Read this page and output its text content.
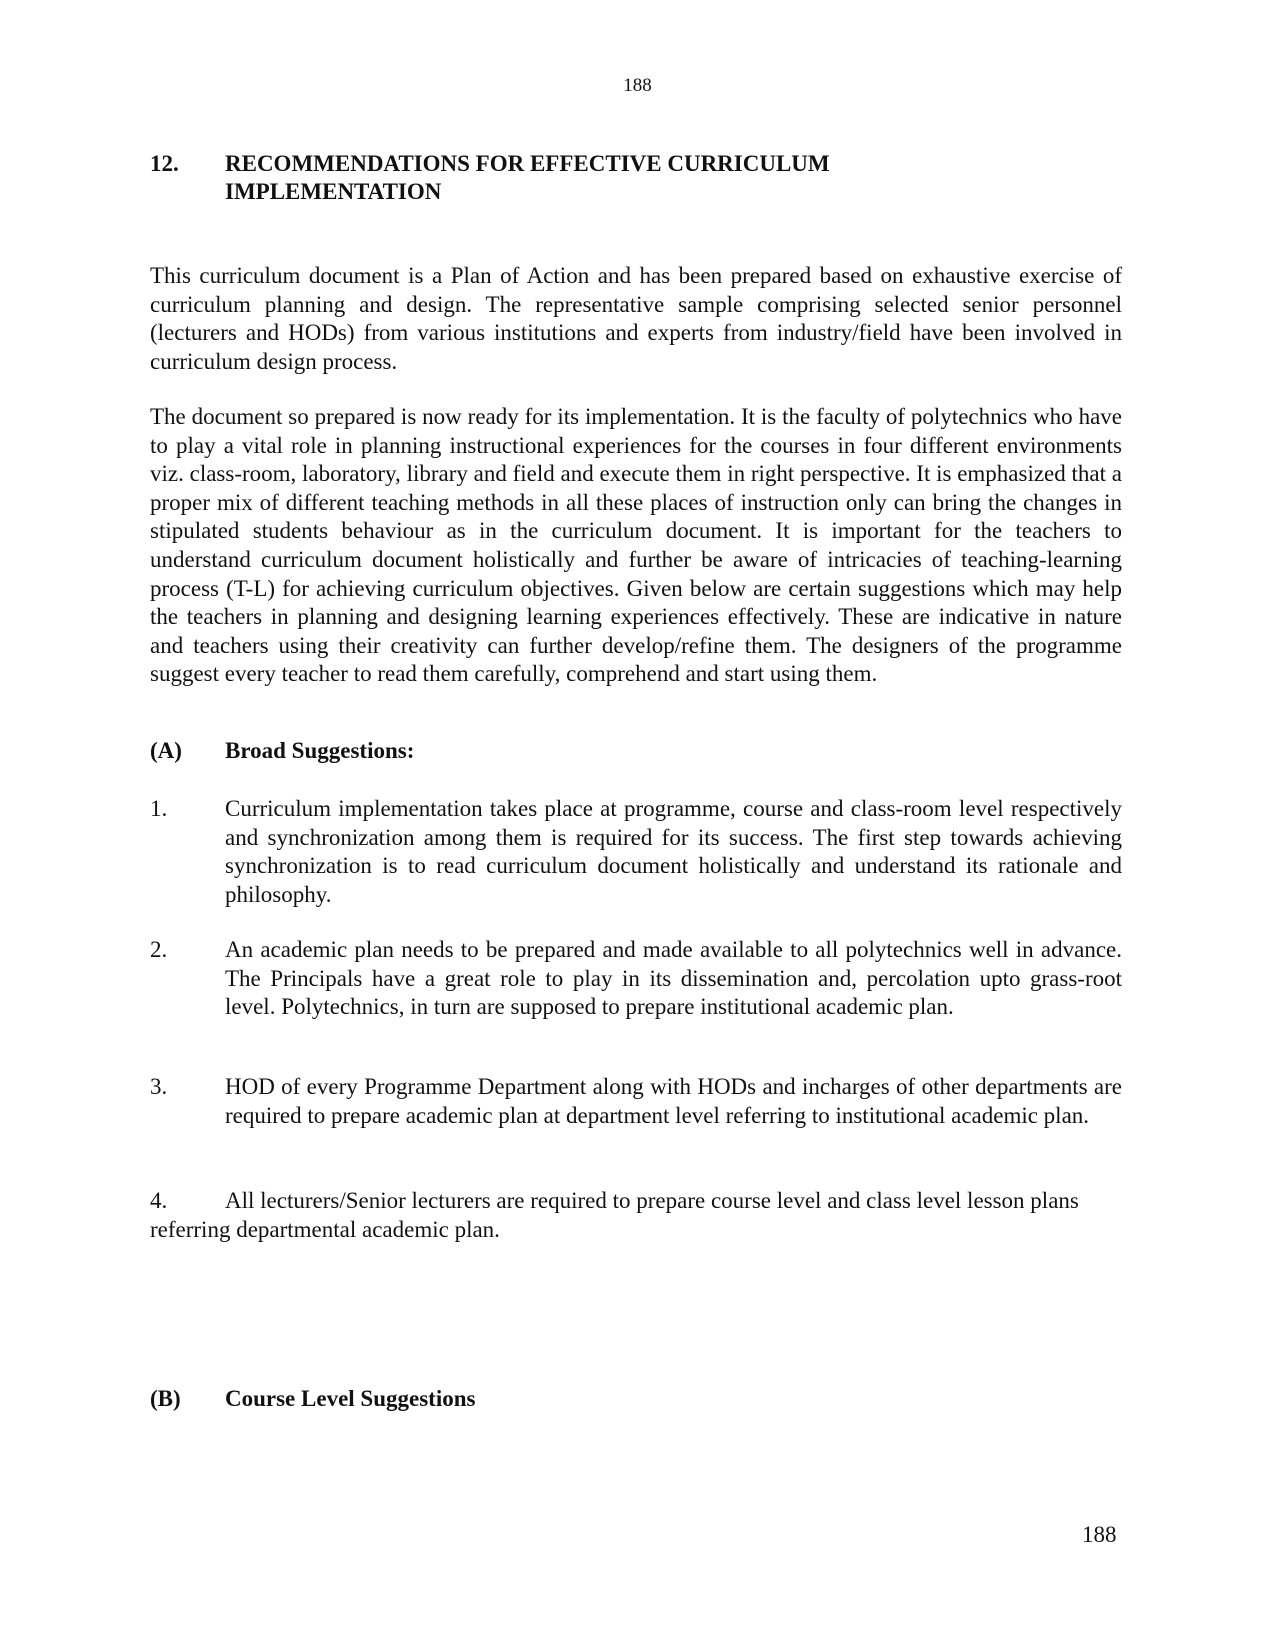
188
12.	RECOMMENDATIONS FOR EFFECTIVE CURRICULUM IMPLEMENTATION

This curriculum document is a Plan of Action and has been prepared based on exhaustive exercise of curriculum planning and design. The representative sample comprising selected senior personnel (lecturers and HODs) from various institutions and experts from industry/field have been involved in curriculum design process.

The document so prepared is now ready for its implementation. It is the faculty of polytechnics who have to play a vital role in planning instructional experiences for the courses in four different environments viz. class-room, laboratory, library and field and execute them in right perspective. It is emphasized that a proper mix of different teaching methods in all these places of instruction only can bring the changes in stipulated students behaviour as in the curriculum document. It is important for the teachers to understand curriculum document holistically and further be aware of intricacies of teaching-learning process (T-L) for achieving curriculum objectives. Given below are certain suggestions which may help the teachers in planning and designing learning experiences effectively. These are indicative in nature and teachers using their creativity can further develop/refine them. The designers of the programme suggest every teacher to read them carefully, comprehend and start using them.

(A) Broad Suggestions:
1.	Curriculum implementation takes place at programme, course and class-room level respectively and synchronization among them is required for its success. The first step towards achieving synchronization is to read curriculum document holistically and understand its rationale and philosophy.

2.	An academic plan needs to be prepared and made available to all polytechnics well in advance. The Principals have a great role to play in its dissemination and, percolation upto grass-root level. Polytechnics, in turn are supposed to prepare institutional academic plan.

3.	HOD of every Programme Department along with HODs and incharges of other departments are required to prepare academic plan at department level referring to institutional academic plan.

4.	All lecturers/Senior lecturers are required to prepare course level and class level lesson plans referring departmental academic plan.

(B) Course Level Suggestions
188
